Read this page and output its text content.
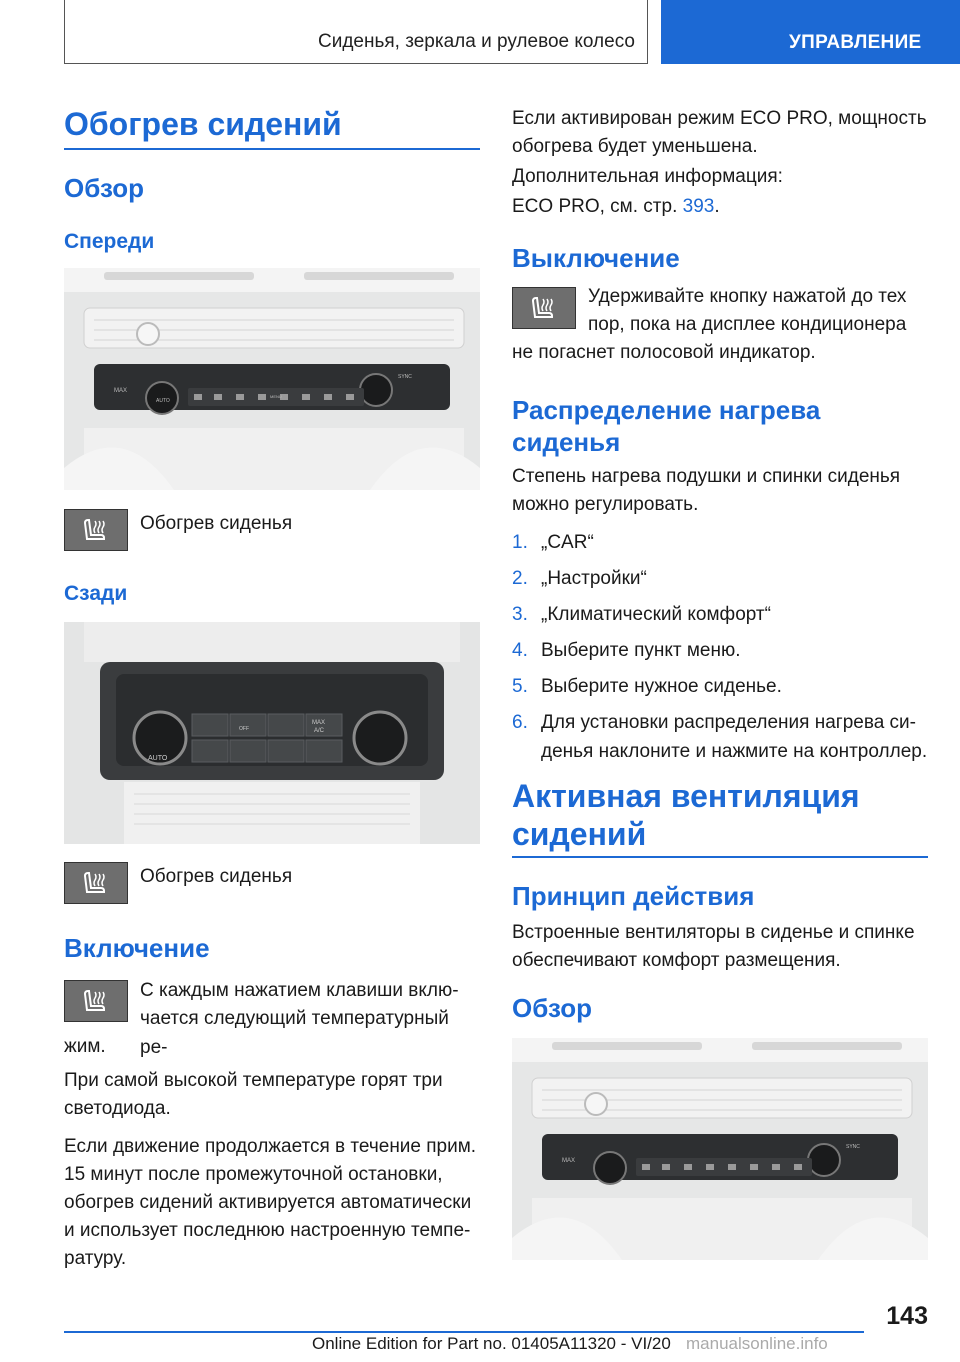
Сиденья, зеркала и рулевое колесо	УПРАВЛЕНИЕ
Обогрев сидений
Обзор
Спереди
MAX
AUTO
SYNC
MENU

Обогрев сиденья

Сзади
AUTO
OFF
MAX
A/C

Обогрев сиденья

Включение

С каждым нажатием клавиши вклю-

чается следующий температурный ре-

жим.

При самой высокой температуре горят три

светодиода.

Если движение продолжается в течение прим.

15 минут после промежуточной остановки,

обогрев сидений активируется автоматически

и использует последнюю настроенную темпе-

ратуру.

Если активирован режим ECO PRO, мощность

обогрева будет уменьшена.

Дополнительная информация:

ECO PRO, см. стр. 393.

Выключение

Удерживайте кнопку нажатой до тех

пор, пока на дисплее кондиционера

не погаснет полосовой индикатор.

Распределение нагрева
сиденья

Степень нагрева подушки и спинки сиденья

можно регулировать.

1. „CAR“
2. „Настройки“
3. „Климатический комфорт“
4. Выберите пункт меню.
5. Выберите нужное сиденье.
6. Для установки распределения нагрева си-
денья наклоните и нажмите на контроллер.
Активная вентиляция
сидений
Принцип действия

Встроенные вентиляторы в сиденье и спинке

обеспечивают комфорт размещения.

Обзор
MAX
SYNC
143
Online Edition for Part no. 01405A11320 - VI/20 manualsonline.info
